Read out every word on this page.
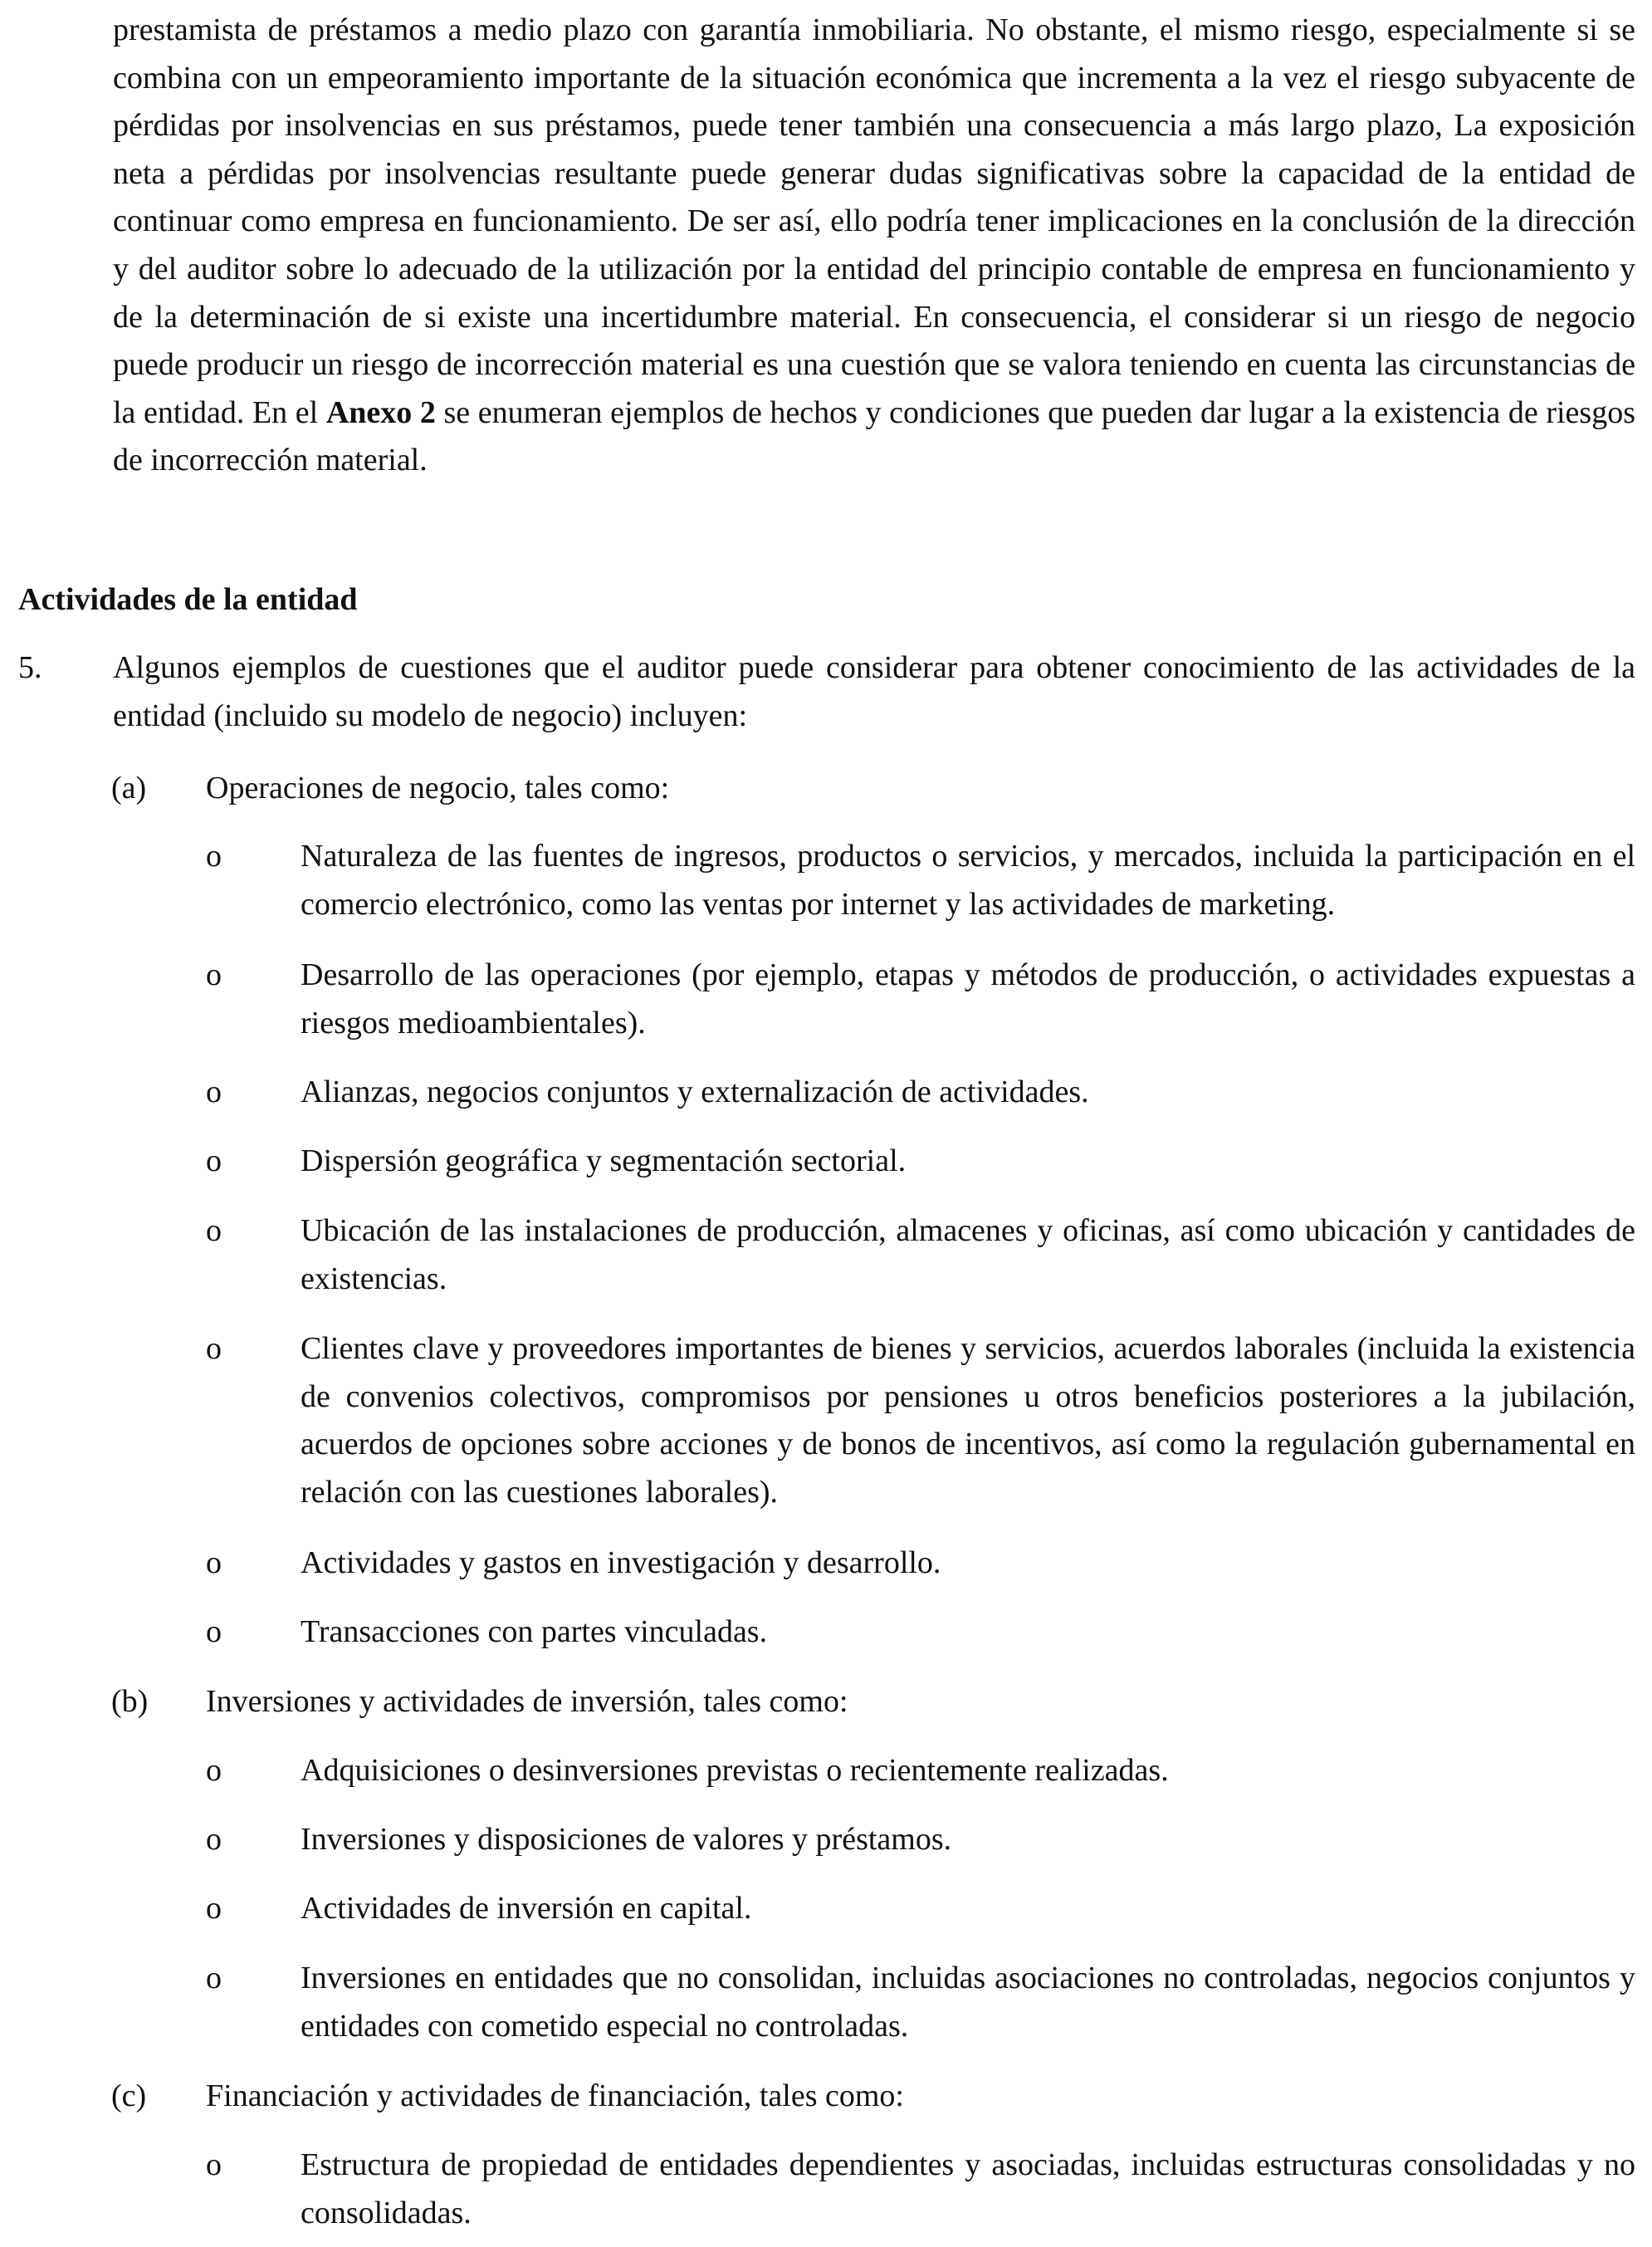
prestamista de préstamos a medio plazo con garantía inmobiliaria. No obstante, el mismo riesgo, especialmente si se combina con un empeoramiento importante de la situación económica que incrementa a la vez el riesgo subyacente de pérdidas por insolvencias en sus préstamos, puede tener también una consecuencia a más largo plazo, La exposición neta a pérdidas por insolvencias resultante puede generar dudas significativas sobre la capacidad de la entidad de continuar como empresa en funcionamiento. De ser así, ello podría tener implicaciones en la conclusión de la dirección y del auditor sobre lo adecuado de la utilización por la entidad del principio contable de empresa en funcionamiento y de la determinación de si existe una incertidumbre material. En consecuencia, el considerar si un riesgo de negocio puede producir un riesgo de incorrección material es una cuestión que se valora teniendo en cuenta las circunstancias de la entidad. En el Anexo 2 se enumeran ejemplos de hechos y condiciones que pueden dar lugar a la existencia de riesgos de incorrección material.
Actividades de la entidad
5. Algunos ejemplos de cuestiones que el auditor puede considerar para obtener conocimiento de las actividades de la entidad (incluido su modelo de negocio) incluyen:
(a) Operaciones de negocio, tales como:
o	Naturaleza de las fuentes de ingresos, productos o servicios, y mercados, incluida la participación en el comercio electrónico, como las ventas por internet y las actividades de marketing.
o	Desarrollo de las operaciones (por ejemplo, etapas y métodos de producción, o actividades expuestas a riesgos medioambientales).
o	Alianzas, negocios conjuntos y externalización de actividades.
o	Dispersión geográfica y segmentación sectorial.
o	Ubicación de las instalaciones de producción, almacenes y oficinas, así como ubicación y cantidades de existencias.
o	Clientes clave y proveedores importantes de bienes y servicios, acuerdos laborales (incluida la existencia de convenios colectivos, compromisos por pensiones u otros beneficios posteriores a la jubilación, acuerdos de opciones sobre acciones y de bonos de incentivos, así como la regulación gubernamental en relación con las cuestiones laborales).
o	Actividades y gastos en investigación y desarrollo.
o	Transacciones con partes vinculadas.
(b) Inversiones y actividades de inversión, tales como:
o	Adquisiciones o desinversiones previstas o recientemente realizadas.
o	Inversiones y disposiciones de valores y préstamos.
o	Actividades de inversión en capital.
o	Inversiones en entidades que no consolidan, incluidas asociaciones no controladas, negocios conjuntos y entidades con cometido especial no controladas.
(c) Financiación y actividades de financiación, tales como:
o	Estructura de propiedad de entidades dependientes y asociadas, incluidas estructuras consolidadas y no consolidadas.
